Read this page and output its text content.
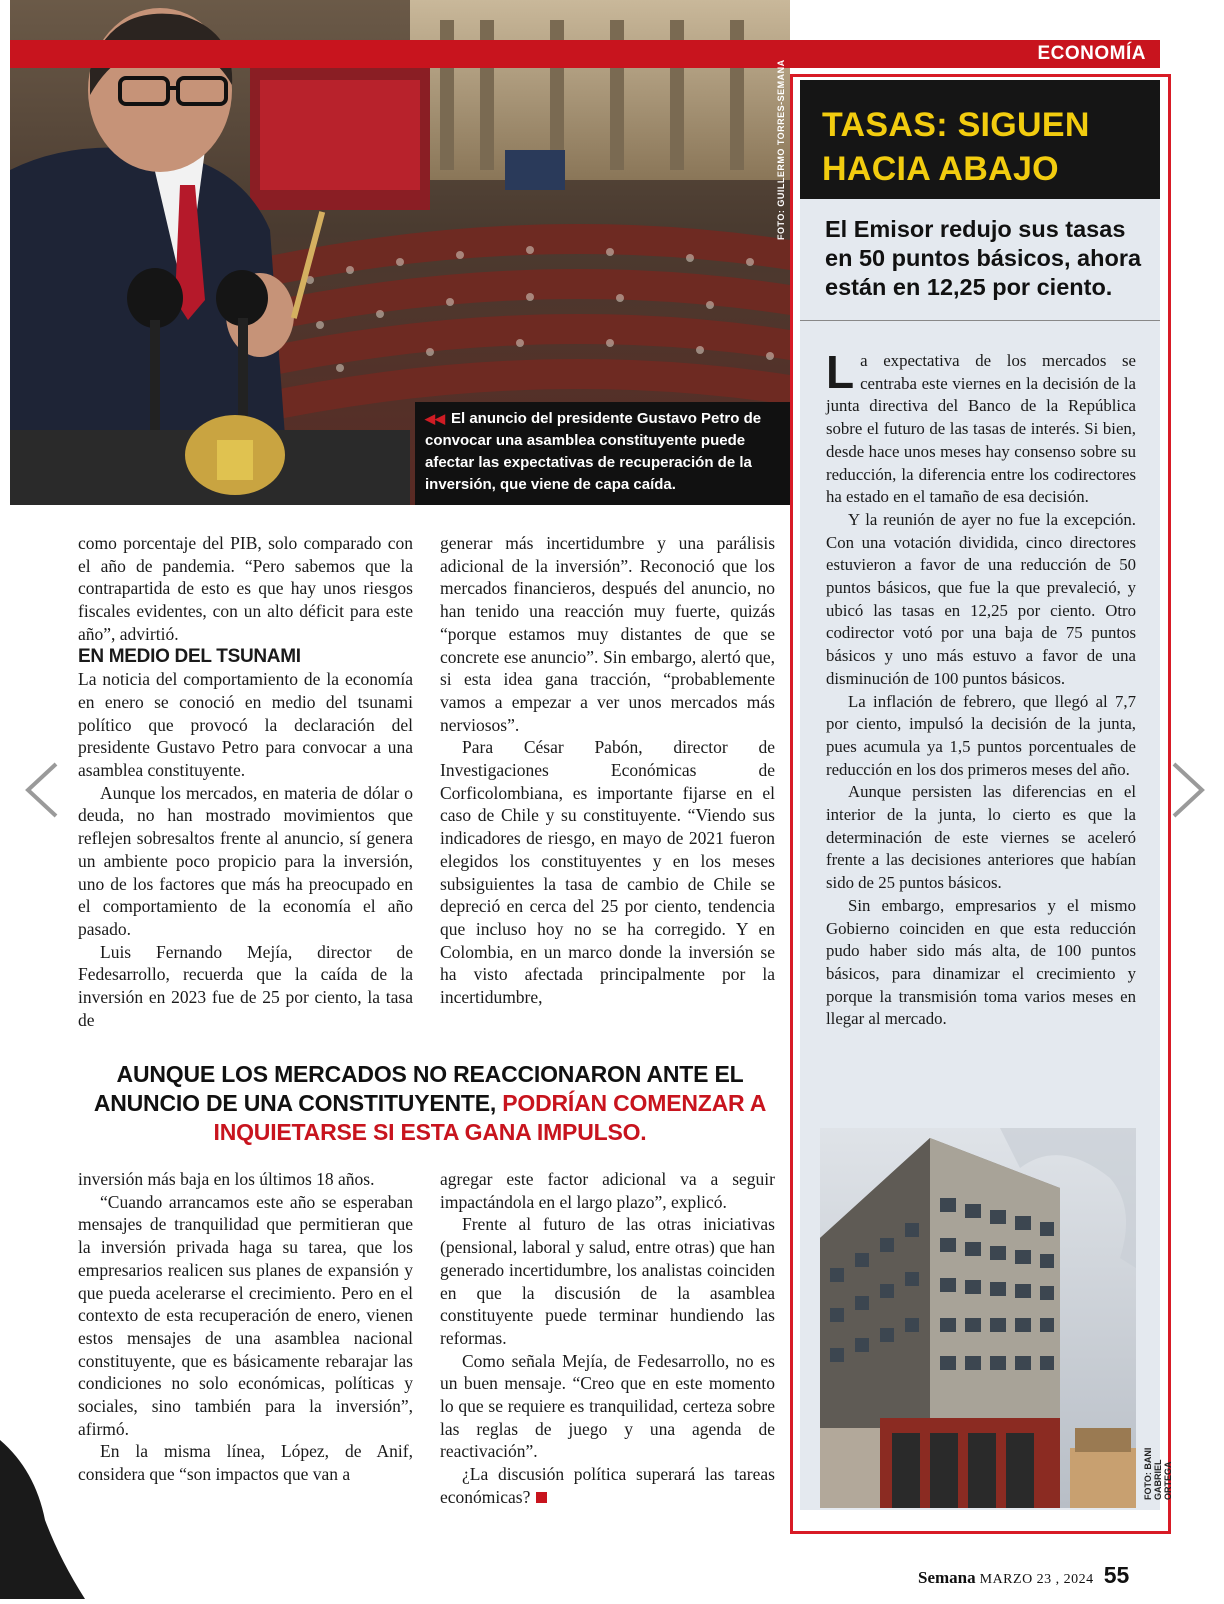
ECONOMÍA
FOTO: GUILLERMO TORRES-SEMANA
◀◀ El anuncio del presidente Gustavo Petro de convocar una asamblea constituyente puede afectar las expectativas de recuperación de la inversión, que viene de capa caída.

como porcentaje del PIB, solo comparado con el año de pandemia. “Pero sabemos que la contrapartida de esto es que hay unos riesgos fiscales evidentes, con un alto déficit para este año”, advirtió.

EN MEDIO DEL TSUNAMI

La noticia del comportamiento de la economía en enero se conoció en medio del tsunami político que provocó la declaración del presidente Gustavo Petro para convocar a una asamblea constituyente.

Aunque los mercados, en materia de dólar o deuda, no han mostrado movimientos que reflejen sobresaltos frente al anuncio, sí genera un ambiente poco propicio para la inversión, uno de los factores que más ha preocupado en el comportamiento de la economía el año pasado.

Luis Fernando Mejía, director de Fedesarrollo, recuerda que la caída de la inversión en 2023 fue de 25 por ciento, la tasa de

generar más incertidumbre y una parálisis adicional de la inversión”. Reconoció que los mercados financieros, después del anuncio, no han tenido una reacción muy fuerte, quizás “porque estamos muy distantes de que se concrete ese anuncio”. Sin embargo, alertó que, si esta idea gana tracción, “probablemente vamos a empezar a ver unos mercados más nerviosos”.

Para César Pabón, director de Investigaciones Económicas de Corficolombiana, es importante fijarse en el caso de Chile y su constituyente. “Viendo sus indicadores de riesgo, en mayo de 2021 fueron elegidos los constituyentes y en los meses subsiguientes la tasa de cambio de Chile se depreció en cerca del 25 por ciento, tendencia que incluso hoy no se ha corregido. Y en Colombia, en un marco donde la inversión se ha visto afectada principalmente por la incertidumbre,

AUNQUE LOS MERCADOS NO REACCIONARON ANTE EL ANUNCIO DE UNA CONSTITUYENTE, PODRÍAN COMENZAR A INQUIETARSE SI ESTA GANA IMPULSO.

inversión más baja en los últimos 18 años.

“Cuando arrancamos este año se esperaban mensajes de tranquilidad que permitieran que la inversión privada haga su tarea, que los empresarios realicen sus planes de expansión y que pueda acelerarse el crecimiento. Pero en el contexto de esta recuperación de enero, vienen estos mensajes de una asamblea nacional constituyente, que es básicamente rebarajar las condiciones no solo económicas, políticas y sociales, sino también para la inversión”, afirmó.

En la misma línea, López, de Anif, considera que “son impactos que van a

agregar este factor adicional va a seguir impactándola en el largo plazo”, explicó.

Frente al futuro de las otras iniciativas (pensional, laboral y salud, entre otras) que han generado incertidumbre, los analistas coinciden en que la discusión de la asamblea constituyente puede terminar hundiendo las reformas.

Como señala Mejía, de Fedesarrollo, no es un buen mensaje. “Creo que en este momento lo que se requiere es tranquilidad, certeza sobre las reglas de juego y una agenda de reactivación”.

¿La discusión política superará las tareas económicas?

TASAS: SIGUEN
HACIA ABAJO
El Emisor redujo sus tasas en 50 puntos básicos, ahora están en 12,25 por ciento.

La expectativa de los mercados se centraba este viernes en la decisión de la junta directiva del Banco de la República sobre el futuro de las tasas de interés. Si bien, desde hace unos meses hay consenso sobre su reducción, la diferencia entre los codirectores ha estado en el tamaño de esa decisión.

Y la reunión de ayer no fue la excepción. Con una votación dividida, cinco directores estuvieron a favor de una reducción de 50 puntos básicos, que fue la que prevaleció, y ubicó las tasas en 12,25 por ciento. Otro codirector votó por una baja de 75 puntos básicos y uno más estuvo a favor de una disminución de 100 puntos básicos.

La inflación de febrero, que llegó al 7,7 por ciento, impulsó la decisión de la junta, pues acumula ya 1,5 puntos porcentuales de reducción en los dos primeros meses del año.

Aunque persisten las diferencias en el interior de la junta, lo cierto es que la determinación de este viernes se aceleró frente a las decisiones anteriores que habían sido de 25 puntos básicos.

Sin embargo, empresarios y el mismo Gobierno coinciden en que esta reducción pudo haber sido más alta, de 100 puntos básicos, para dinamizar el crecimiento y porque la transmisión toma varios meses en llegar al mercado.

FOTO: BANI GABRIEL ORTEGA
Semana MARZO 23 , 2024 55
